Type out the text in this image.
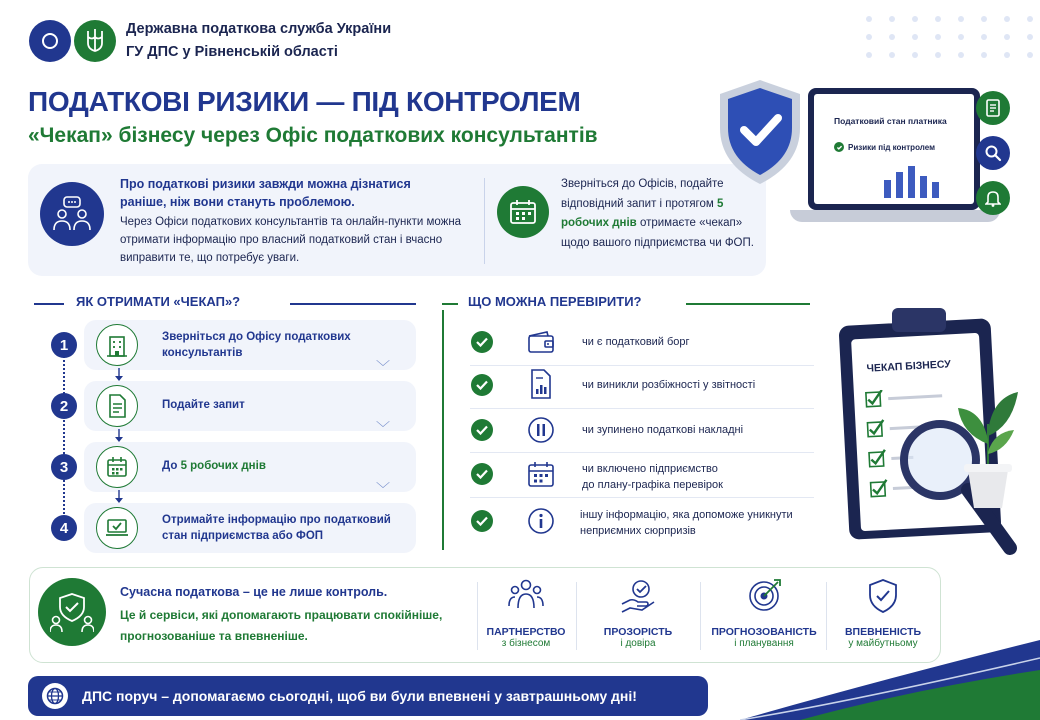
Державна податкова служба України
ГУ ДПС у Рівненській області
ПОДАТКОВІ РИЗИКИ — ПІД КОНТРОЛЕМ
«Чекап» бізнесу через Офіс податкових консультантів
Про податкові ризики завжди можна дізнатися раніше, ніж вони стануть проблемою.
Через Офіси податкових консультантів та онлайн-пункти можна отримати інформацію про власний податковий стан і вчасно виправити те, що потребує уваги.
Зверніться до Офісів, подайте відповідний запит і протягом 5 робочих днів отримаєте «чекап» щодо вашого підприємства чи ФОП.
Податковий стан платника
Ризики під контролем
ЯК ОТРИМАТИ «ЧЕКАП»?
1	Зверніться до Офісу податкових консультантів
﹀
2	Подайте запит
﹀
3	До 5 робочих днів
﹀
4	Отримайте інформацію про податковий стан підприємства або ФОП
ЩО МОЖНА ПЕРЕВІРИТИ?
чи є податковий борг
чи виникли розбіжності у звітності
чи зупинено податкові накладні
чи включено підприємство
до плану-графіка перевірок
іншу інформацію, яка допоможе уникнути
неприємних сюрпризів
ЧЕКАП БІЗНЕСУ
Сучасна податкова – це не лише контроль.
Це й сервіси, які допомагають працювати спокійніше, прогнозованіше та впевненіше.	ПАРТНЕРСТВО
з бізнесом
ПРОЗОРІСТЬ
і довіра
ПРОГНОЗОВАНІСТЬ
і планування
ВПЕВНЕНІСТЬ
у майбутньому
ДПС поруч – допомагаємо сьогодні, щоб ви були впевнені у завтрашньому дні!
